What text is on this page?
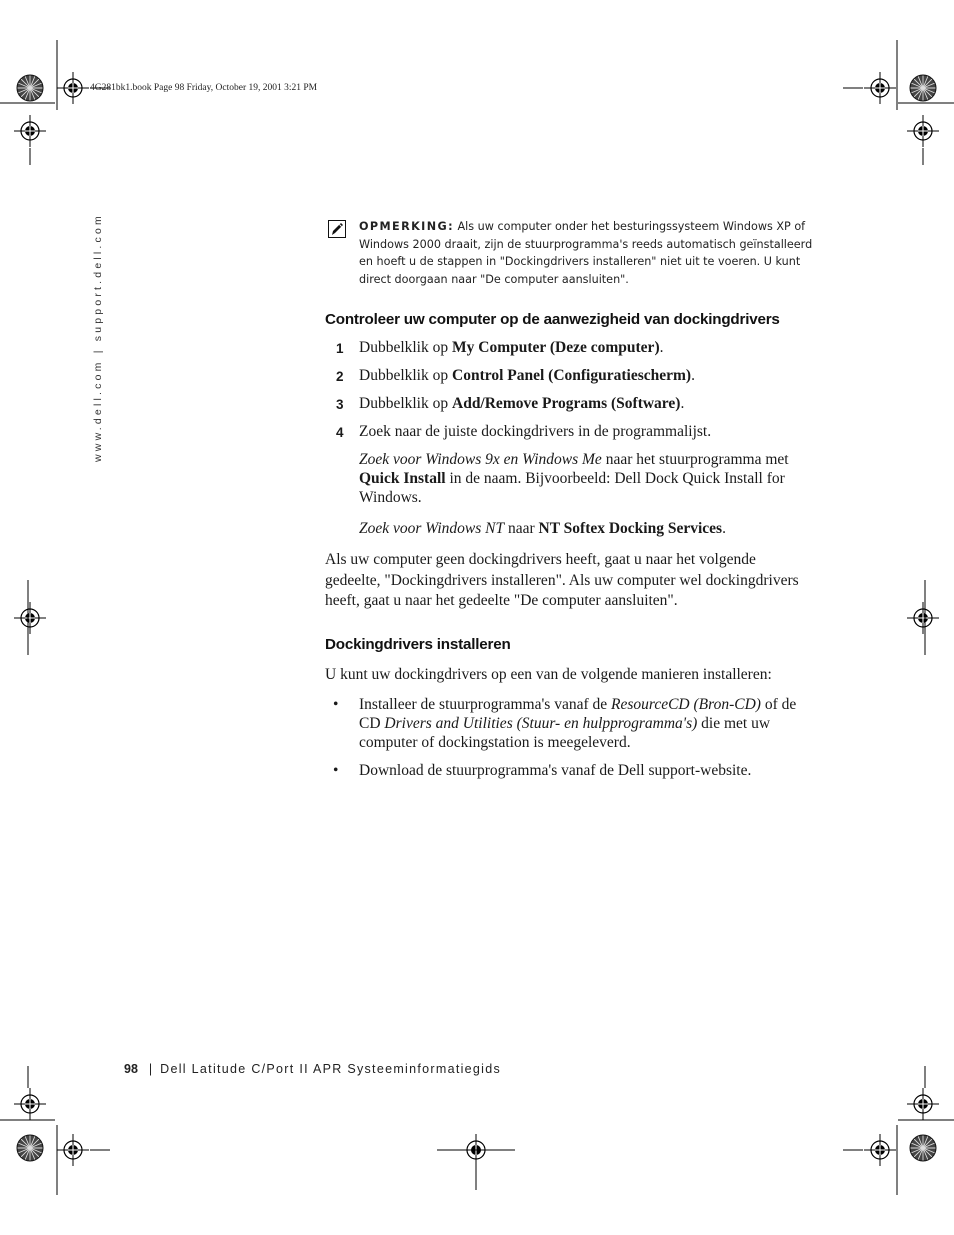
4G281bk1.book Page 98 Friday, October 19, 2001 3:21 PM
www.dell.com | support.dell.com	OPMERKING: Als uw computer onder het besturingssysteem Windows XP of Windows 2000 draait, zijn de stuurprogramma's reeds automatisch geïnstalleerd en hoeft u de stappen in "Dockingdrivers installeren" niet uit te voeren. U kunt direct doorgaan naar "De computer aansluiten".
Controleer uw computer op de aanwezigheid van dockingdrivers
1 Dubbelklik op My Computer (Deze computer).
2 Dubbelklik op Control Panel (Configuratiescherm).
3 Dubbelklik op Add/Remove Programs (Software).
4 Zoek naar de juiste dockingdrivers in de programmalijst.
Zoek voor Windows 9x en Windows Me naar het stuurprogramma met Quick Install in de naam. Bijvoorbeeld: Dell Dock Quick Install for Windows.
Zoek voor Windows NT naar NT Softex Docking Services.

Als uw computer geen dockingdrivers heeft, gaat u naar het volgende gedeelte, "Dockingdrivers installeren". Als uw computer wel dockingdrivers heeft, gaat u naar het gedeelte "De computer aansluiten".

Dockingdrivers installeren

U kunt uw dockingdrivers op een van de volgende manieren installeren:

• Installeer de stuurprogramma's vanaf de ResourceCD (Bron-CD) of de CD Drivers and Utilities (Stuur- en hulpprogramma's) die met uw computer of dockingstation is meegeleverd.
• Download de stuurprogramma's vanaf de Dell support-website.
98 | Dell Latitude C/Port II APR Systeeminformatiegids
